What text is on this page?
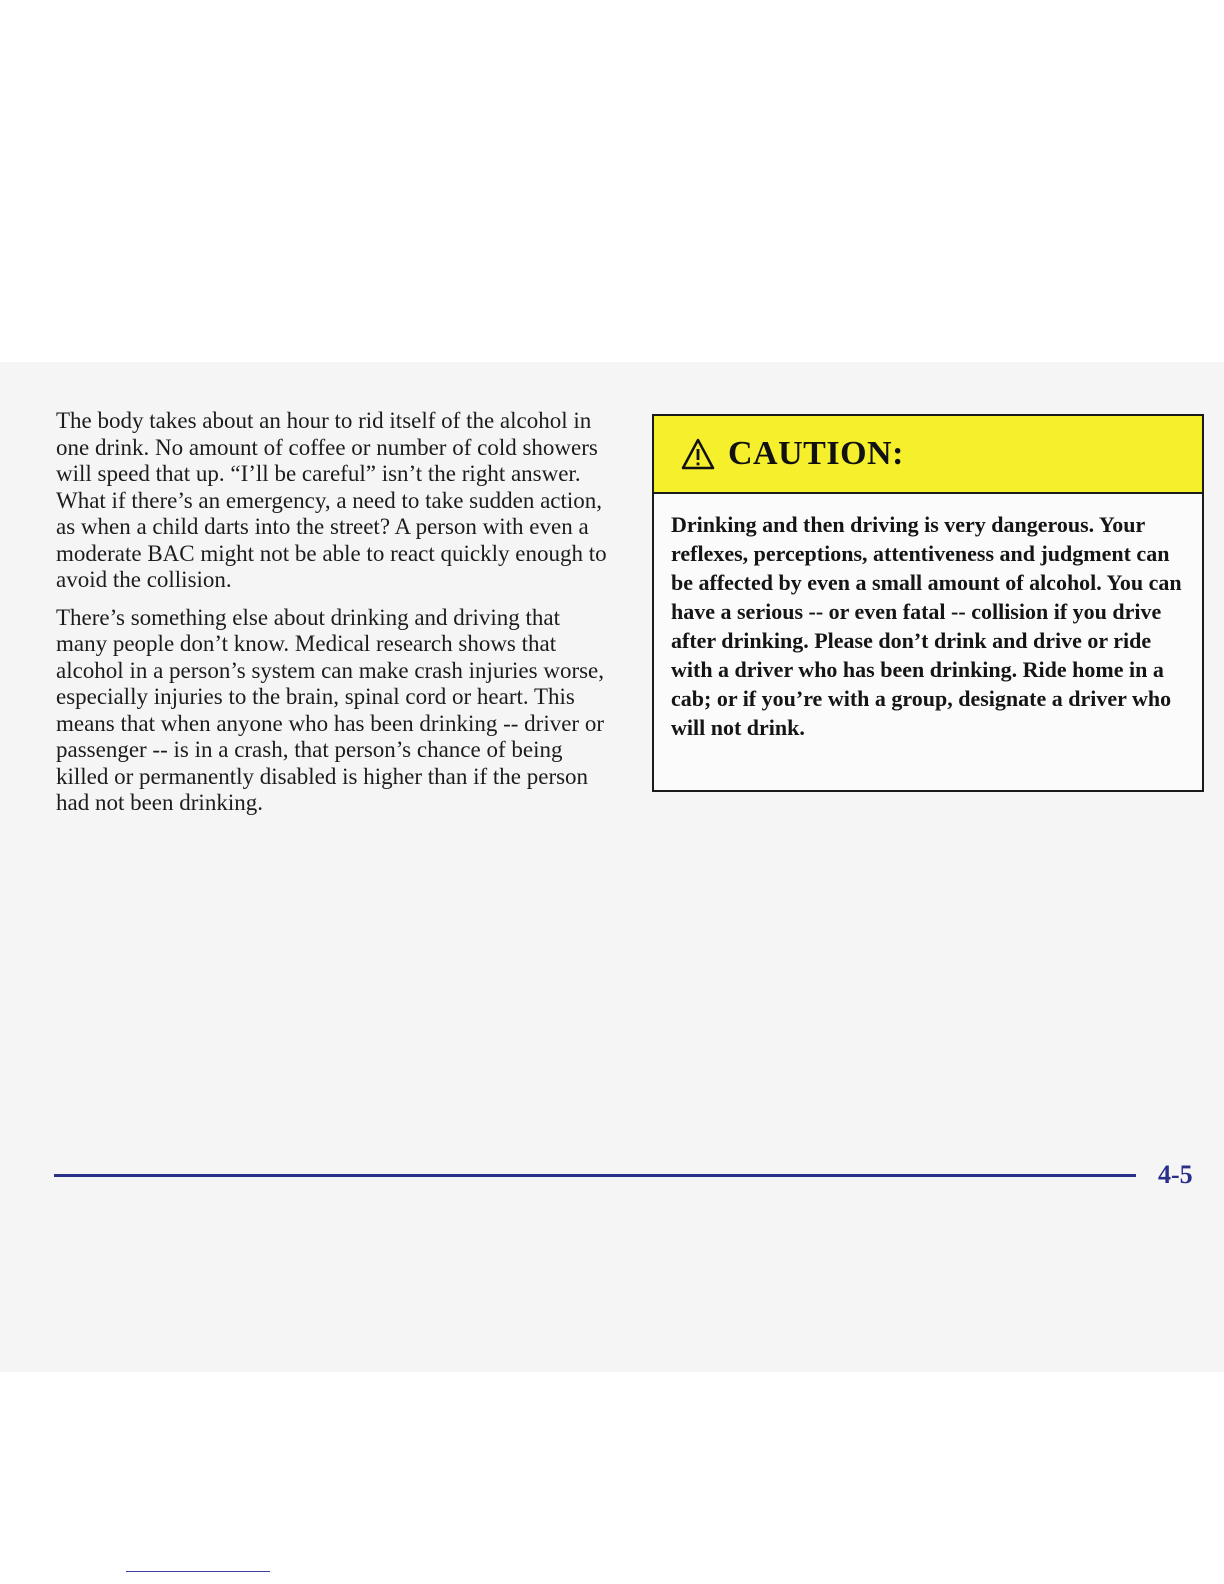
The body takes about an hour to rid itself of the alcohol in one drink. No amount of coffee or number of cold showers will speed that up. “I’ll be careful” isn’t the right answer. What if there’s an emergency, a need to take sudden action, as when a child darts into the street? A person with even a moderate BAC might not be able to react quickly enough to avoid the collision.

There’s something else about drinking and driving that many people don’t know. Medical research shows that alcohol in a person’s system can make crash injuries worse, especially injuries to the brain, spinal cord or heart. This means that when anyone who has been drinking -- driver or passenger -- is in a crash, that person’s chance of being killed or permanently disabled is higher than if the person had not been drinking.

CAUTION:
Drinking and then driving is very dangerous. Your reflexes, perceptions, attentiveness and judgment can be affected by even a small amount of alcohol. You can have a serious -- or even fatal -- collision if you drive after drinking. Please don’t drink and drive or ride with a driver who has been drinking. Ride home in a cab; or if you’re with a group, designate a driver who will not drink.
4-5
